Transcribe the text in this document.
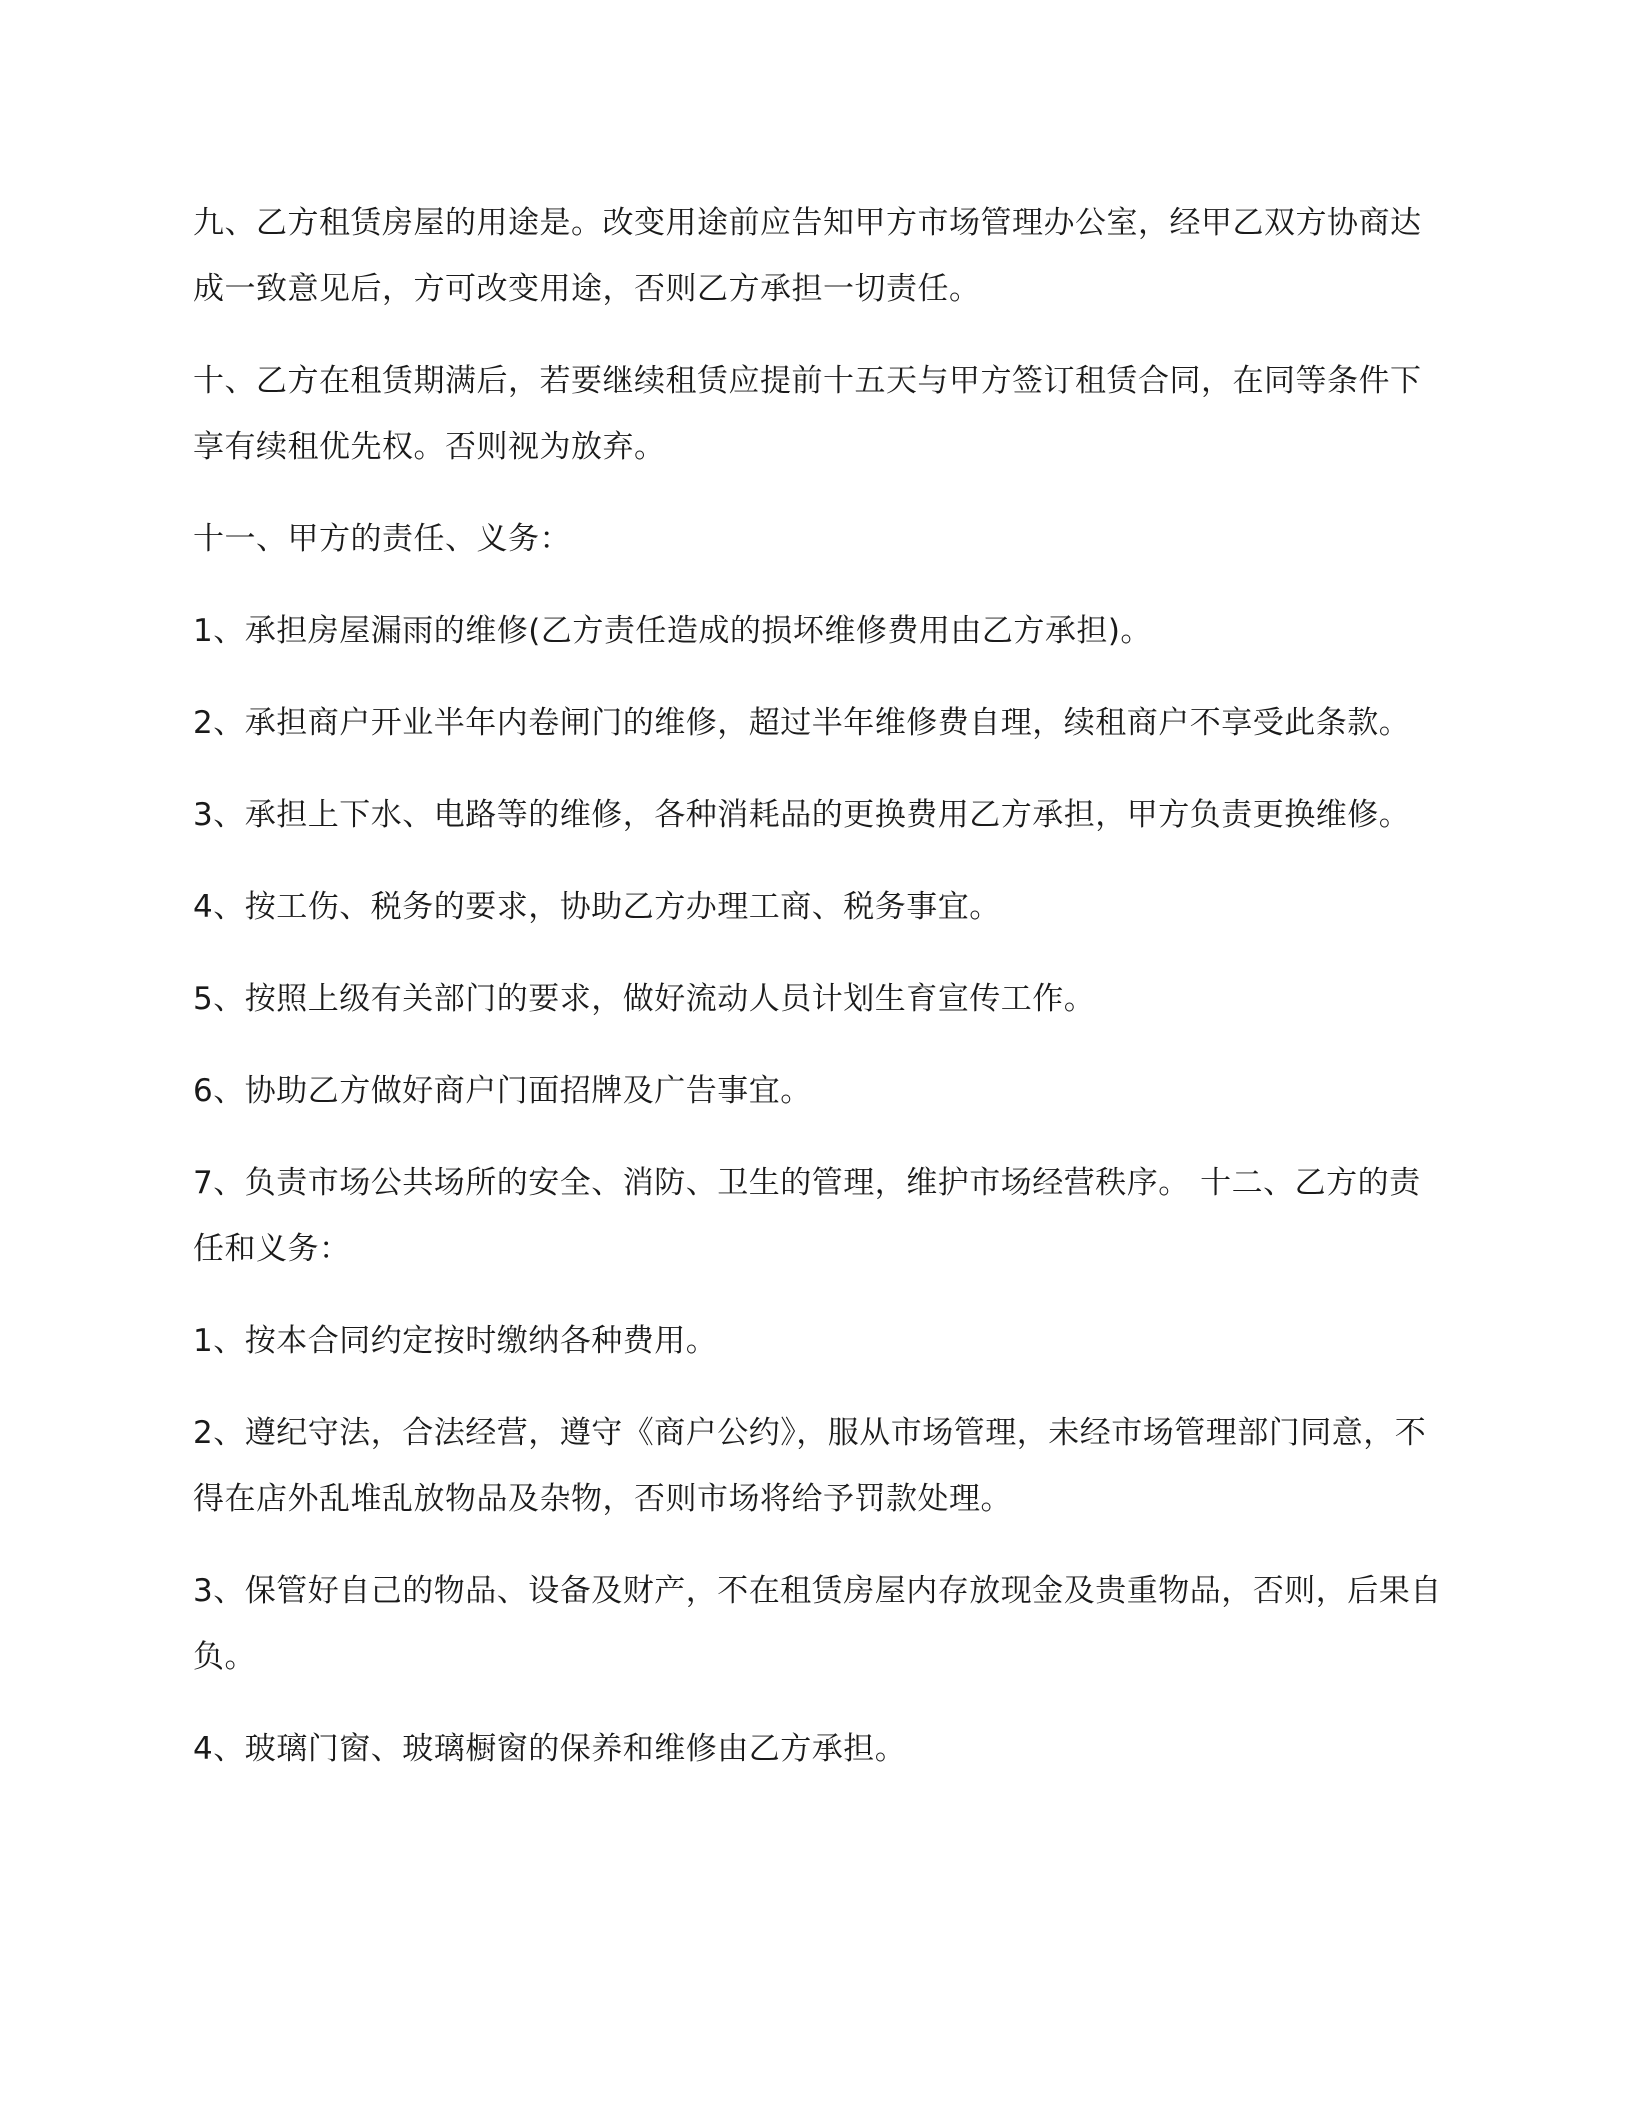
九、乙方租赁房屋的用途是。改变用途前应告知甲方市场管理办公室，经甲乙双方协商达成一致意见后，方可改变用途，否则乙方承担一切责任。

十、乙方在租赁期满后，若要继续租赁应提前十五天与甲方签订租赁合同，在同等条件下享有续租优先权。否则视为放弃。

十一、甲方的责任、义务：

1、承担房屋漏雨的维修(乙方责任造成的损坏维修费用由乙方承担)。

2、承担商户开业半年内卷闸门的维修，超过半年维修费自理，续租商户不享受此条款。

3、承担上下水、电路等的维修，各种消耗品的更换费用乙方承担，甲方负责更换维修。

4、按工伤、税务的要求，协助乙方办理工商、税务事宜。

5、按照上级有关部门的要求，做好流动人员计划生育宣传工作。

6、协助乙方做好商户门面招牌及广告事宜。

7、负责市场公共场所的安全、消防、卫生的管理，维护市场经营秩序。 十二、乙方的责任和义务：

1、按本合同约定按时缴纳各种费用。

2、遵纪守法，合法经营，遵守《商户公约》，服从市场管理，未经市场管理部门同意，不得在店外乱堆乱放物品及杂物，否则市场将给予罚款处理。

3、保管好自己的物品、设备及财产，不在租赁房屋内存放现金及贵重物品，否则，后果自负。

4、玻璃门窗、玻璃橱窗的保养和维修由乙方承担。
